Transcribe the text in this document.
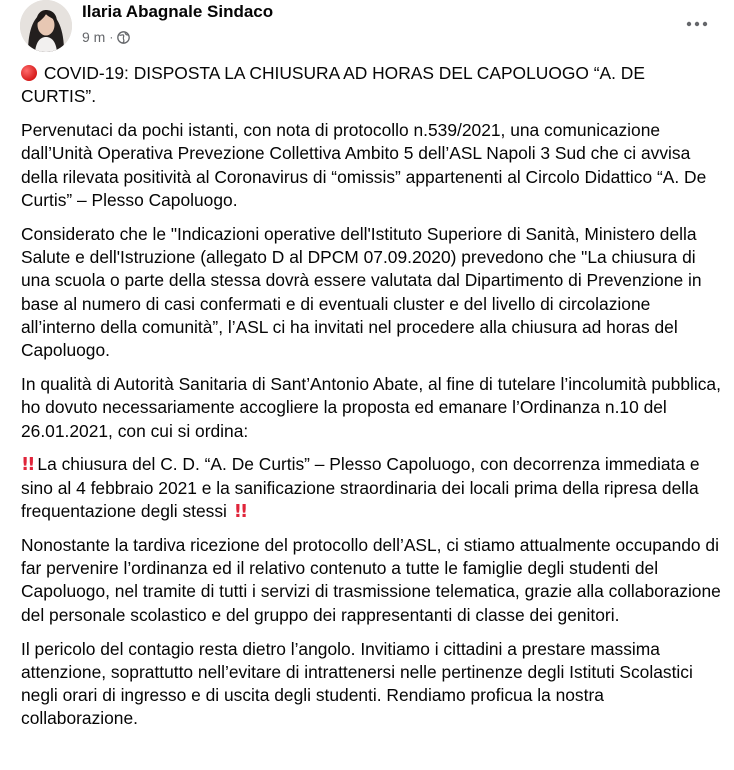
Ilaria Abagnale Sindaco
9 m ·

COVID-19: DISPOSTA LA CHIUSURA AD HORAS DEL CAPOLUOGO “A. DE CURTIS”.

Pervenutaci da pochi istanti, con nota di protocollo n.539/2021, una comunicazione dall’Unità Operativa Prevezione Collettiva Ambito 5 dell’ASL Napoli 3 Sud che ci avvisa della rilevata positività al Coronavirus di “omissis” appartenenti al Circolo Didattico “A. De Curtis” – Plesso Capoluogo.

Considerato che le "Indicazioni operative dell'Istituto Superiore di Sanità, Ministero della Salute e dell'Istruzione (allegato D al DPCM 07.09.2020) prevedono che "La chiusura di una scuola o parte della stessa dovrà essere valutata dal Dipartimento di Prevenzione in base al numero di casi confermati e di eventuali cluster e del livello di circolazione all’interno della comunità”, l’ASL ci ha invitati nel procedere alla chiusura ad horas del Capoluogo.

In qualità di Autorità Sanitaria di Sant’Antonio Abate, al fine di tutelare l’incolumità pubblica, ho dovuto necessariamente accogliere la proposta ed emanare l’Ordinanza n.10 del 26.01.2021, con cui si ordina:

!! La chiusura del C. D. “A. De Curtis” – Plesso Capoluogo, con decorrenza immediata e sino al 4 febbraio 2021 e la sanificazione straordinaria dei locali prima della ripresa della frequentazione degli stessi !!

Nonostante la tardiva ricezione del protocollo dell’ASL, ci stiamo attualmente occupando di far pervenire l’ordinanza ed il relativo contenuto a tutte le famiglie degli studenti del Capoluogo, nel tramite di tutti i servizi di trasmissione telematica, grazie alla collaborazione del personale scolastico e del gruppo dei rappresentanti di classe dei genitori.

Il pericolo del contagio resta dietro l’angolo. Invitiamo i cittadini a prestare massima attenzione, soprattutto nell’evitare di intrattenersi nelle pertinenze degli Istituti Scolastici negli orari di ingresso e di uscita degli studenti. Rendiamo proficua la nostra collaborazione.
